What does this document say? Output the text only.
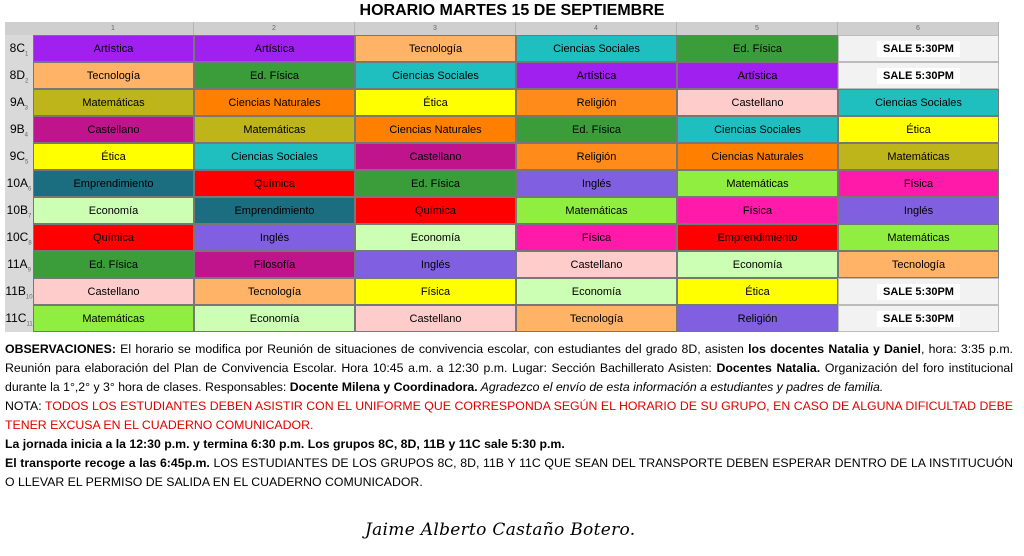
HORARIO MARTES 15 DE SEPTIEMBRE
1	2	3	4	5	6
$8C_1$	Artística	Artística	Tecnología	Ciencias Sociales	Ed. Física	SALE 5:30PM
$8D_2$	Tecnología	Ed. Física	Ciencias Sociales	Artística	Artística	SALE 5:30PM
$9A_3$	Matemáticas	Ciencias Naturales	Ética	Religión	Castellano	Ciencias Sociales
$9B_4$	Castellano	Matemáticas	Ciencias Naturales	Ed. Física	Ciencias Sociales	Ética
$9C_5$	Ética	Ciencias Sociales	Castellano	Religión	Ciencias Naturales	Matemáticas
$10A_6$	Emprendimiento	Química	Ed. Física	Inglés	Matemáticas	Física
$10B_7$	Economía	Emprendimiento	Química	Matemáticas	Física	Inglés
$10C_8$	Química	Inglés	Economía	Física	Emprendimiento	Matemáticas
$11A_9$	Ed. Física	Filosofía	Inglés	Castellano	Economía	Tecnología
$11B_{10}$	Castellano	Tecnología	Física	Economía	Ética	SALE 5:30PM
$11C_{11}$	Matemáticas	Economía	Castellano	Tecnología	Religión	SALE 5:30PM

OBSERVACIONES: El horario se modifica por Reunión de situaciones de convivencia escolar, con estudiantes del grado 8D, asisten los docentes Natalia y Daniel, hora: 3:35 p.m. Reunión para elaboración del Plan de Convivencia Escolar. Hora 10:45 a.m. a 12:30 p.m. Lugar: Sección Bachillerato Asisten: Docentes Natalia. Organización del foro institucional durante la 1°,2° y 3° hora de clases. Responsables: Docente Milena y Coordinadora. Agradezco el envío de esta información a estudiantes y padres de familia.

NOTA: TODOS LOS ESTUDIANTES DEBEN ASISTIR CON EL UNIFORME QUE CORRESPONDA SEGÚN EL HORARIO DE SU GRUPO, EN CASO DE ALGUNA DIFICULTAD DEBE TENER EXCUSA EN EL CUADERNO COMUNICADOR.

La jornada inicia a la 12:30 p.m. y termina 6:30 p.m. Los grupos 8C, 8D, 11B y 11C sale 5:30 p.m.

El transporte recoge a las 6:45p.m. LOS ESTUDIANTES DE LOS GRUPOS 8C, 8D, 11B Y 11C QUE SEAN DEL TRANSPORTE DEBEN ESPERAR DENTRO DE LA INSTITUCUÓN O LLEVAR EL PERMISO DE SALIDA EN EL CUADERNO COMUNICADOR.

Jaime Alberto Castaño Botero.
